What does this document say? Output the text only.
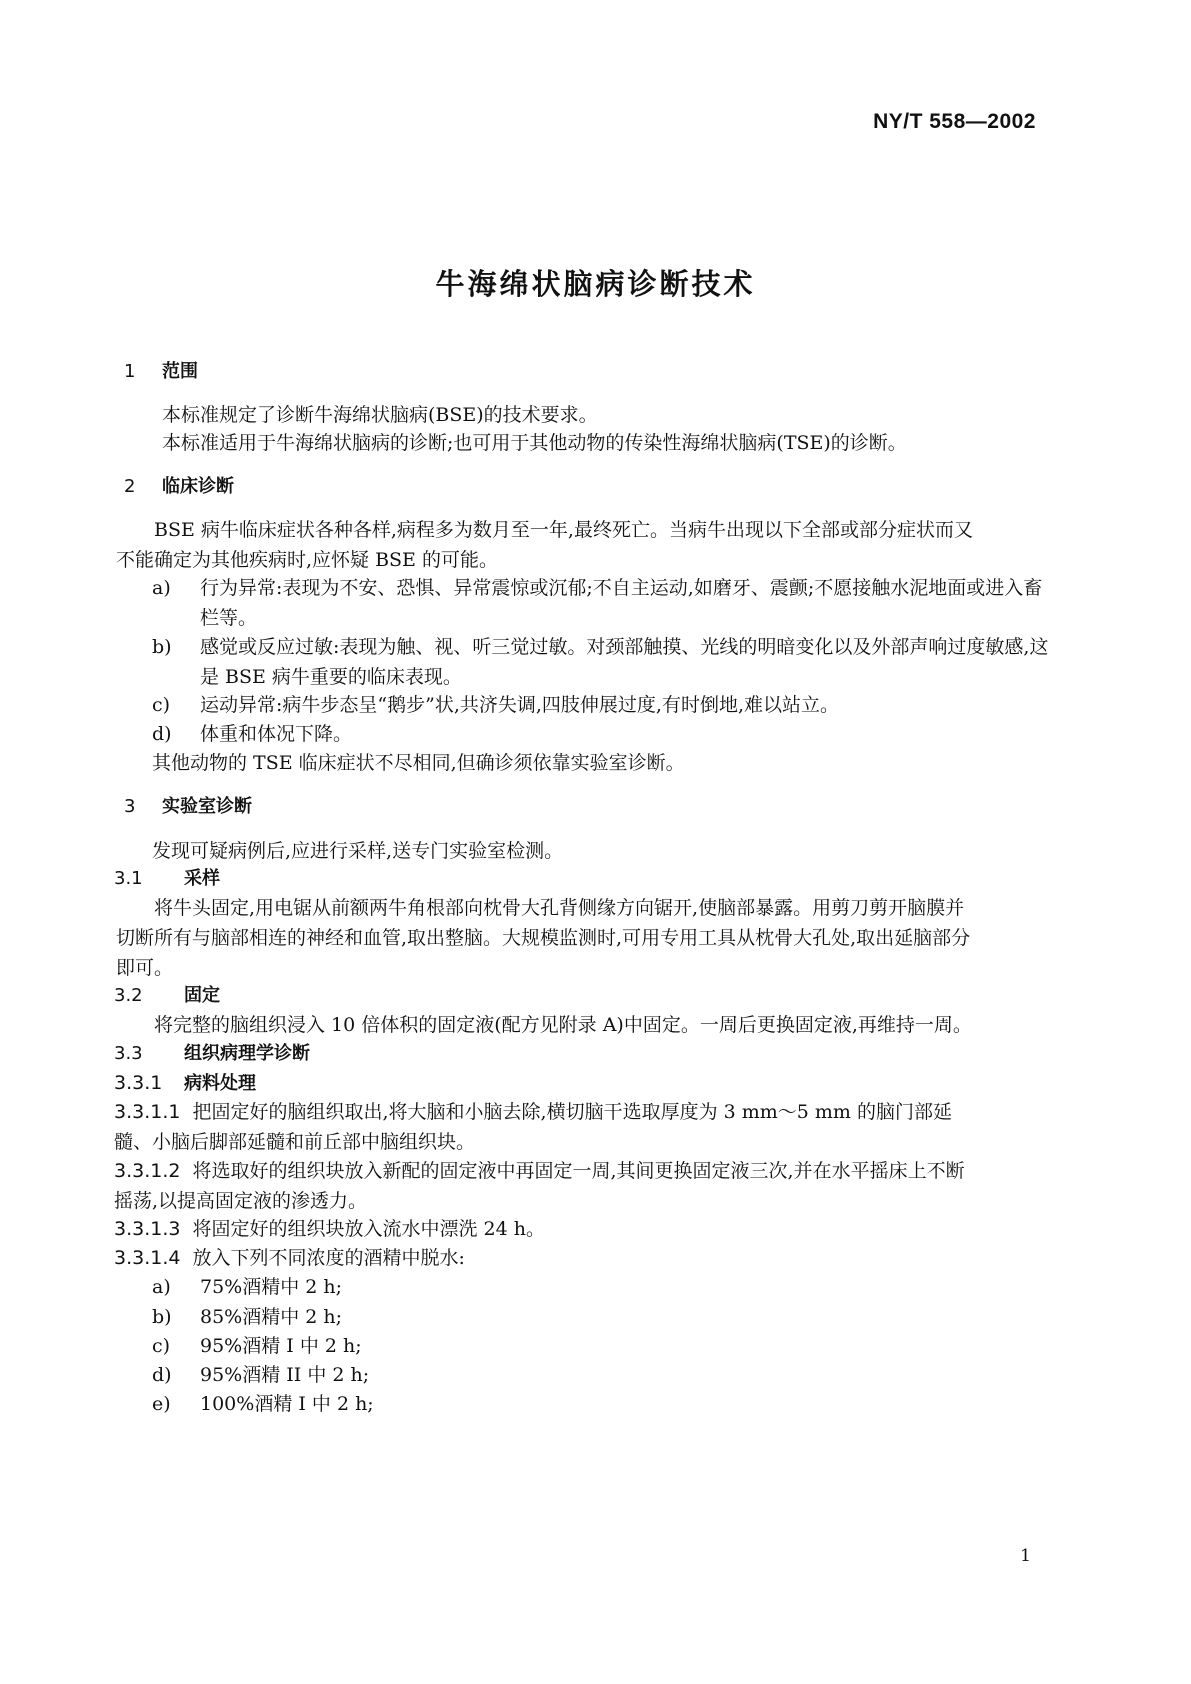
NY/T 558—2002
牛海绵状脑病诊断技术
1 范围
本标准规定了诊断牛海绵状脑病(BSE)的技术要求。
本标准适用于牛海绵状脑病的诊断;也可用于其他动物的传染性海绵状脑病(TSE)的诊断。
2 临床诊断
BSE 病牛临床症状各种各样,病程多为数月至一年,最终死亡。当病牛出现以下全部或部分症状而又不能确定为其他疾病时,应怀疑 BSE 的可能。
a) 行为异常:表现为不安、恐惧、异常震惊或沉郁;不自主运动,如磨牙、震颤;不愿接触水泥地面或进入畜栏等。
b) 感觉或反应过敏:表现为触、视、听三觉过敏。对颈部触摸、光线的明暗变化以及外部声响过度敏感,这是 BSE 病牛重要的临床表现。
c) 运动异常:病牛步态呈“鹅步”状,共济失调,四肢伸展过度,有时倒地,难以站立。
d) 体重和体况下降。
其他动物的 TSE 临床症状不尽相同,但确诊须依靠实验室诊断。
3 实验室诊断
发现可疑病例后,应进行采样,送专门实验室检测。
3.1 采样
将牛头固定,用电锯从前额两牛角根部向枕骨大孔背侧缘方向锯开,使脑部暴露。用剪刀剪开脑膜并切断所有与脑部相连的神经和血管,取出整脑。大规模监测时,可用专用工具从枕骨大孔处,取出延脑部分即可。
3.2 固定
将完整的脑组织浸入 10 倍体积的固定液(配方见附录 A)中固定。一周后更换固定液,再维持一周。
3.3 组织病理学诊断
3.3.1 病料处理
3.3.1.1 把固定好的脑组织取出,将大脑和小脑去除,横切脑干选取厚度为 3 mm～5 mm 的脑门部延髓、小脑后脚部延髓和前丘部中脑组织块。
3.3.1.2 将选取好的组织块放入新配的固定液中再固定一周,其间更换固定液三次,并在水平摇床上不断摇荡,以提高固定液的渗透力。
3.3.1.3 将固定好的组织块放入流水中漂洗 24 h。
3.3.1.4 放入下列不同浓度的酒精中脱水:
a) 75%酒精中 2 h;
b) 85%酒精中 2 h;
c) 95%酒精 I 中 2 h;
d) 95%酒精 II 中 2 h;
e) 100%酒精 I 中 2 h;
1
